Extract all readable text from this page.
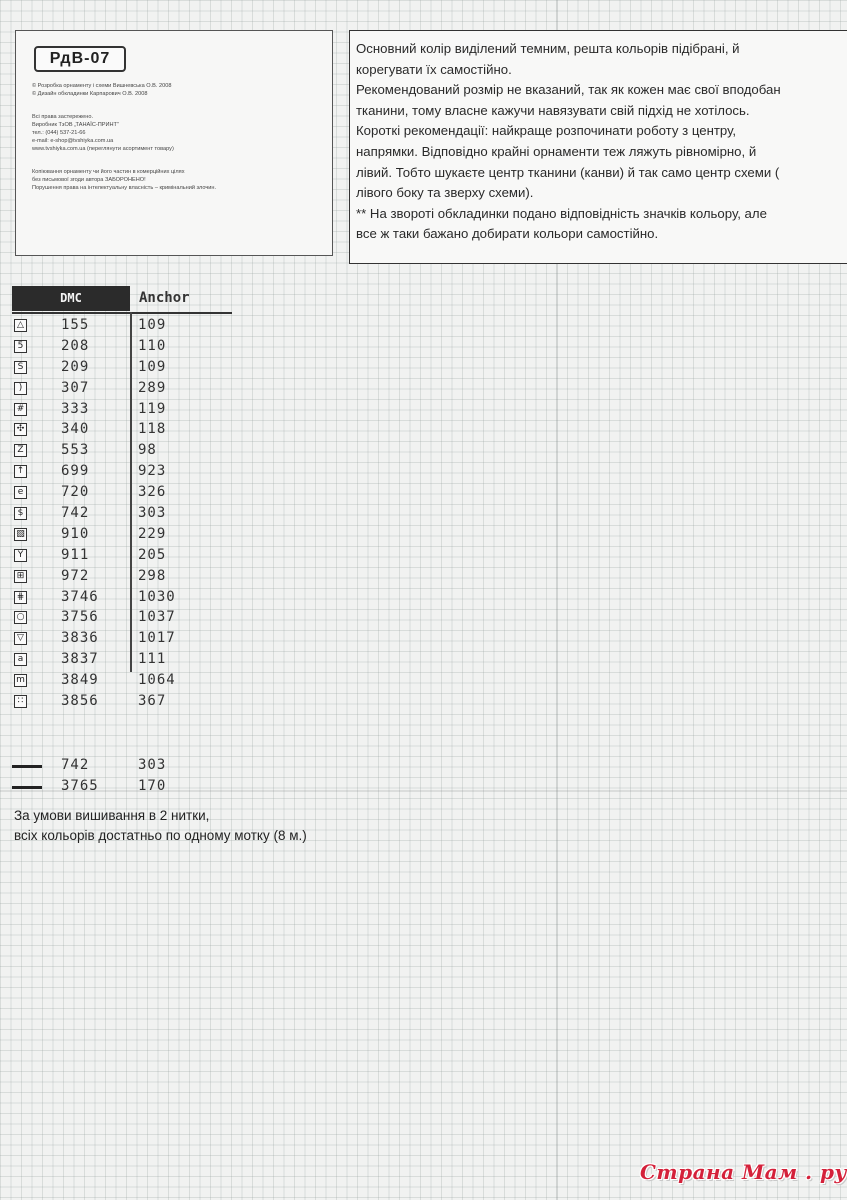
РдВ-07
© Розробка орнаменту і схеми Вишневська О.В. 2008
© Дизайн обкладинки Карпарович О.В. 2008
Всі права застережено.
Виробник ТзОВ „ТАНАЇС-ПРИНТ”
тел.: (044) 537-21-66
e-mail: e-shop@tvshiyka.com.ua
www.tvshiyka.com.ua (переглянути асортимент товару)
Копіювання орнаменту чи його частин в комерційних цілях
без письмової згоди автора ЗАБОРОНЕНО!
Порушення права на інтелектуальну власність – кримінальний злочин.

Основний колір виділений темним, решта кольорів підібрані, й

корегувати їх самостійно.

Рекомендований розмір не вказаний, так як кожен має свої вподобан

тканини, тому власне кажучи навязувати свій підхід не хотілось.

Короткі рекомендації: найкраще розпочинати роботу з центру,

напрямки. Відповідно крайні орнаменти теж ляжуть рівномірно, й

лівий. Тобто шукаєте центр тканини (канви) й так само центр схеми (

лівого боку та зверху схеми).

** На звороті обкладинки подано відповідність значків кольору, але

все ж таки бажано добирати кольори самостійно.

DMC	Anchor
△	155	109
5	208	110
S	209	109
)	307	289
#	333	119
✣	340	118
Z	553	98
↑	699	923
e	720	326
$	742	303
▧	910	229
Y	911	205
⊞	972	298
⋕	3746	1030
○	3756	1037
▽	3836	1017
a	3837	111
m	3849	1064
∷	3856	367
742	303
3765	170
За умови вишивання в 2 нитки,
всіх кольорів достатньо по одному мотку (8 м.)
Страна Мам . ру
